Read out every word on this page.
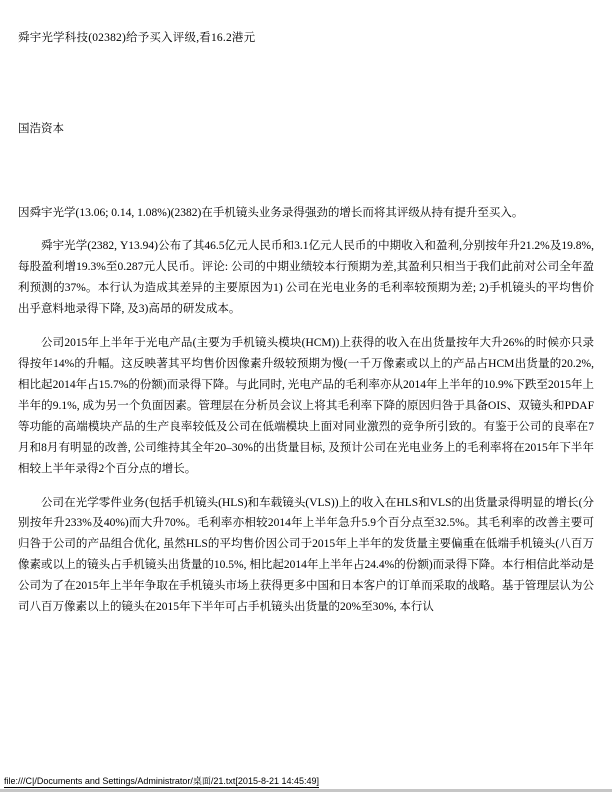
舜宇光学科技(02382)给予买入评级,看16.2港元
国浩资本

因舜宇光学(13.06; 0.14, 1.08%)(2382)在手机镜头业务录得强劲的增长而将其评级从持有提升至买入。

舜宇光学(2382, Y13.94)公布了其46.5亿元人民币和3.1亿元人民币的中期收入和盈利,分别按年升21.2%及19.8%,每股盈利增19.3%至0.287元人民币。评论: 公司的中期业绩较本行预期为差,其盈利只相当于我们此前对公司全年盈利预测的37%。本行认为造成其差异的主要原因为1) 公司在光电业务的毛利率较预期为差; 2)手机镜头的平均售价出乎意料地录得下降, 及3)高昂的研发成本。

公司2015年上半年于光电产品(主要为手机镜头模块(HCM))上获得的收入在出货量按年大升26%的时候亦只录得按年14%的升幅。这反映著其平均售价因像素升级较预期为慢(一千万像素或以上的产品占HCM出货量的20.2%, 相比起2014年占15.7%的份额)而录得下降。与此同时, 光电产品的毛利率亦从2014年上半年的10.9%下跌至2015年上半年的9.1%, 成为另一个负面因素。管理层在分析员会议上将其毛利率下降的原因归咎于具备OIS、双镜头和PDAF等功能的高端模块产品的生产良率较低及公司在低端模块上面对同业激烈的竞争所引致的。有鉴于公司的良率在7月和8月有明显的改善, 公司维持其全年20–30%的出货量目标, 及预计公司在光电业务上的毛利率将在2015年下半年相较上半年录得2个百分点的增长。

公司在光学零件业务(包括手机镜头(HLS)和车载镜头(VLS))上的收入在HLS和VLS的出货量录得明显的增长(分别按年升233%及40%)而大升70%。毛利率亦相较2014年上半年急升5.9个百分点至32.5%。其毛利率的改善主要可归咎于公司的产品组合优化, 虽然HLS的平均售价因公司于2015年上半年的发货量主要偏重在低端手机镜头(八百万像素或以上的镜头占手机镜头出货量的10.5%, 相比起2014年上半年占24.4%的份额)而录得下降。本行相信此举动是公司为了在2015年上半年争取在手机镜头市场上获得更多中国和日本客户的订单而采取的战略。基于管理层认为公司八百万像素以上的镜头在2015年下半年可占手机镜头出货量的20%至30%, 本行认

file:///C|/Documents and Settings/Administrator/桌面/21.txt[2015-8-21 14:45:49]
